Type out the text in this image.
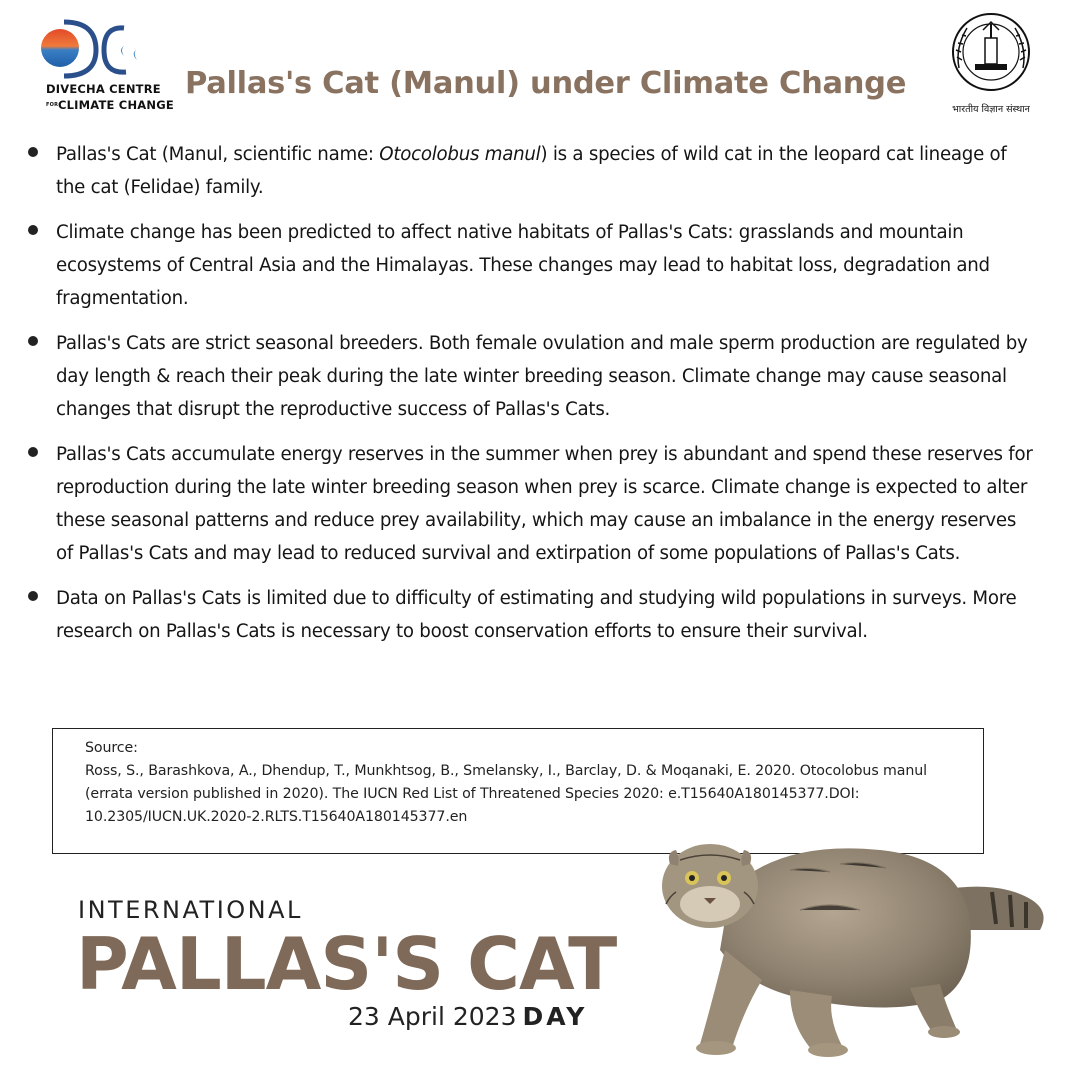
DIVECHA CENTRE
FORCLIMATE CHANGE
Pallas's Cat (Manul) under Climate Change
भारतीय विज्ञान संस्थान
Pallas's Cat (Manul, scientific name: Otocolobus manul) is a species of wild cat in the leopard cat lineage of the cat (Felidae) family.
Climate change has been predicted to affect native habitats of Pallas's Cats: grasslands and mountain ecosystems of Central Asia and the Himalayas. These changes may lead to habitat loss, degradation and fragmentation.
Pallas's Cats are strict seasonal breeders. Both female ovulation and male sperm production are regulated by day length & reach their peak during the late winter breeding season. Climate change may cause seasonal changes that disrupt the reproductive success of Pallas's Cats.
Pallas's Cats accumulate energy reserves in the summer when prey is abundant and spend these reserves for reproduction during the late winter breeding season when prey is scarce. Climate change is expected to alter these seasonal patterns and reduce prey availability, which may cause an imbalance in the energy reserves of Pallas's Cats and may lead to reduced survival and extirpation of some populations of Pallas's Cats.
Data on Pallas's Cats is limited due to difficulty of estimating and studying wild populations in surveys. More research on Pallas's Cats is necessary to boost conservation efforts to ensure their survival.
Source:
Ross, S., Barashkova, A., Dhendup, T., Munkhtsog, B., Smelansky, I., Barclay, D. & Moqanaki, E. 2020. Otocolobus manul (errata version published in 2020). The IUCN Red List of Threatened Species 2020: e.T15640A180145377.DOI: 10.2305/IUCN.UK.2020-2.RLTS.T15640A180145377.en
INTERNATIONAL
PALLAS'S CAT
23 April 2023 DAY
